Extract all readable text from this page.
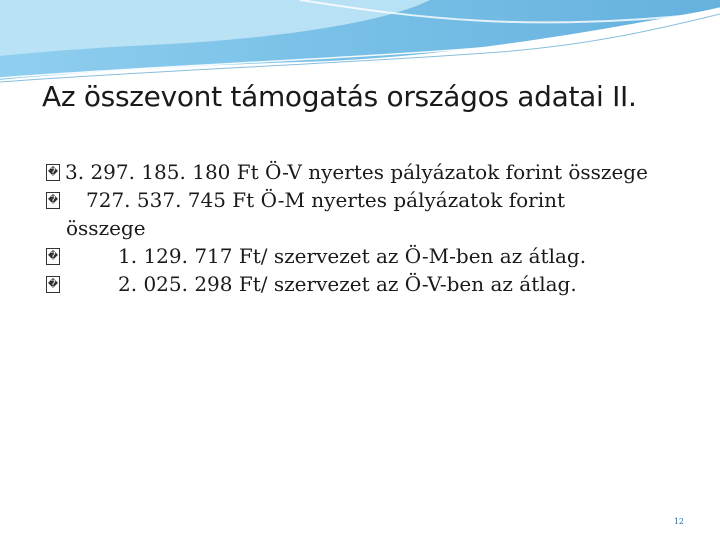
Az összevont támogatás országos adatai II.
� 3. 297. 185. 180 Ft Ö-V nyertes pályázatok forint összege
�	727. 537. 745 Ft Ö-M nyertes pályázatok forint
összege
�	1. 129. 717 Ft/ szervezet az Ö-M-ben az átlag.
�	2. 025. 298 Ft/ szervezet az Ö-V-ben az átlag.
12
